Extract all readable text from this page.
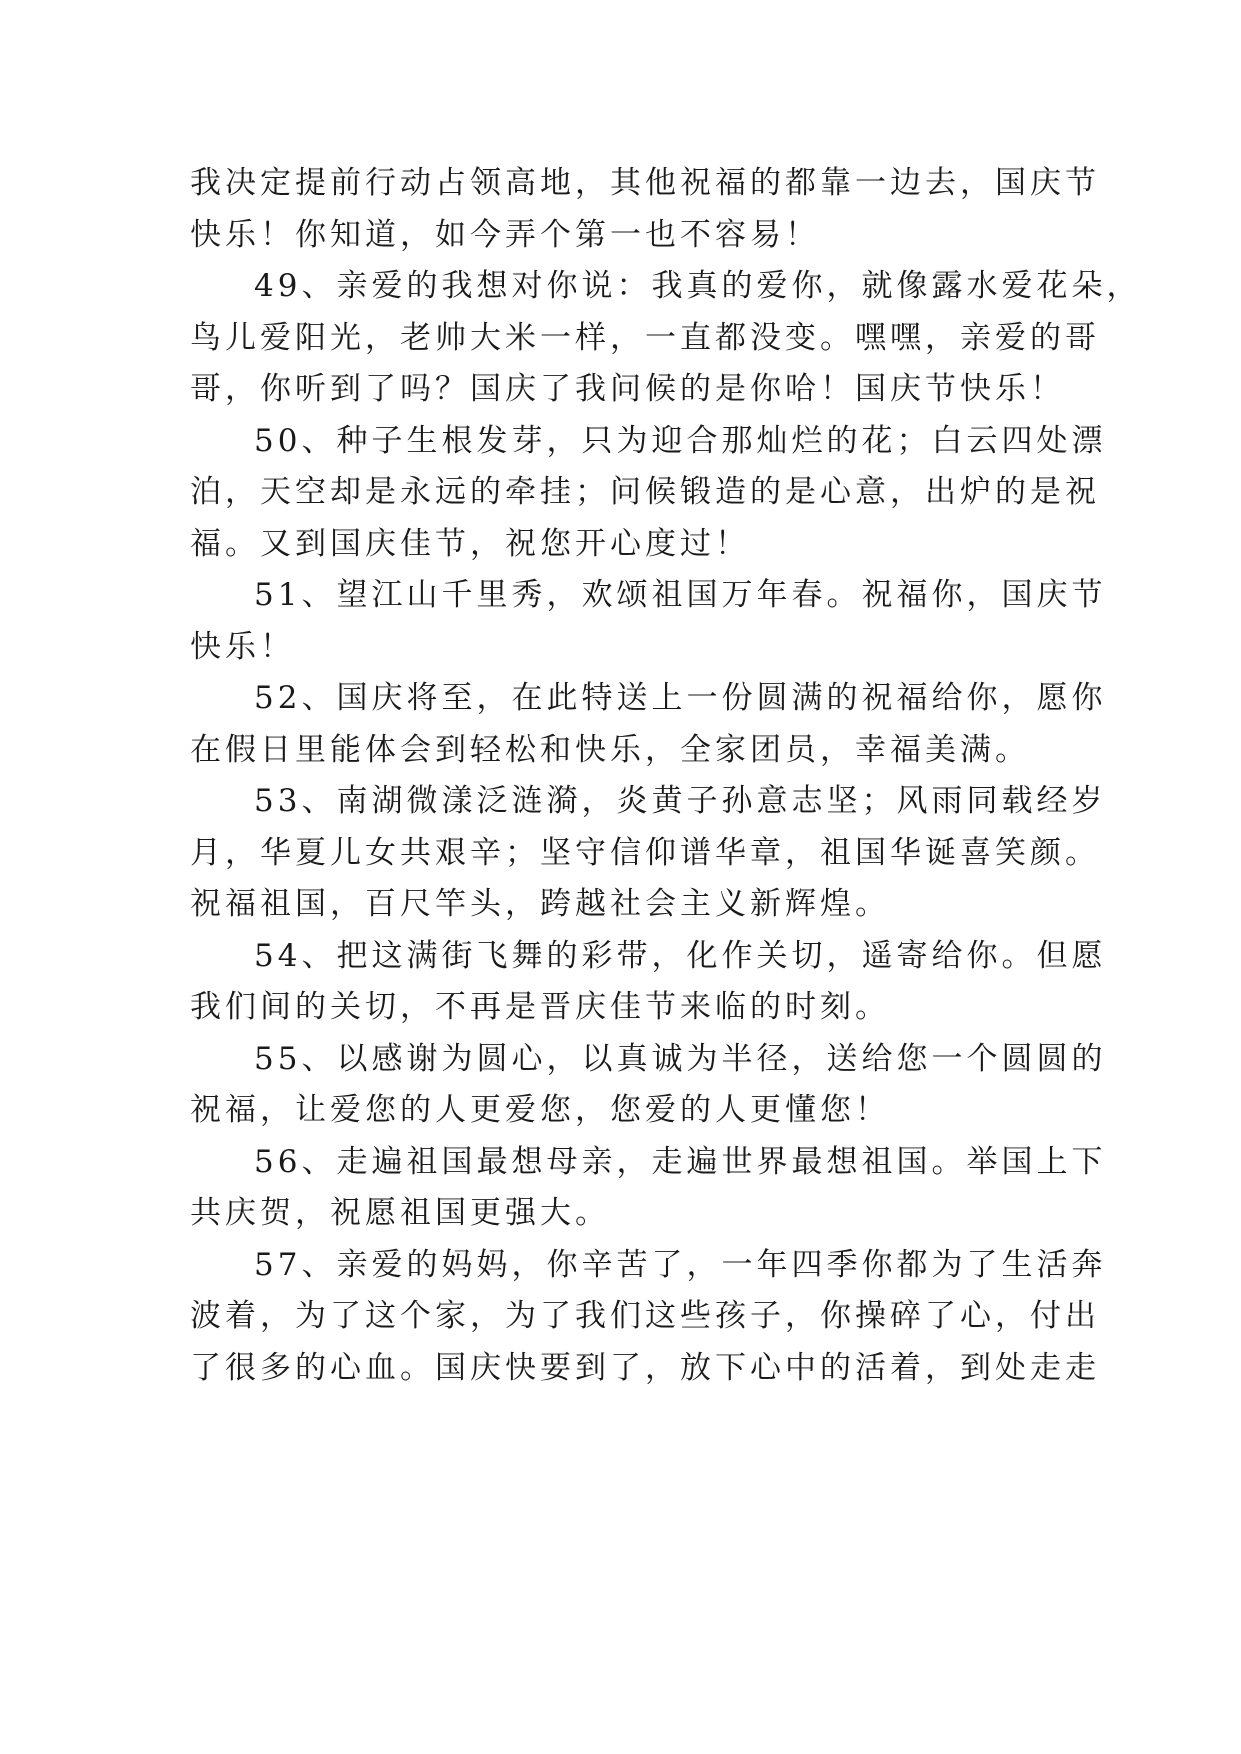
我决定提前行动占领高地，其他祝福的都靠一边去，国庆节
快乐！你知道，如今弄个第一也不容易！

49、亲爱的我想对你说：我真的爱你，就像露水爱花朵，
鸟儿爱阳光，老帅大米一样，一直都没变。嘿嘿，亲爱的哥
哥，你听到了吗？国庆了我问候的是你哈！国庆节快乐！

50、种子生根发芽，只为迎合那灿烂的花；白云四处漂
泊，天空却是永远的牵挂；问候锻造的是心意，出炉的是祝
福。又到国庆佳节，祝您开心度过！

51、望江山千里秀，欢颂祖国万年春。祝福你，国庆节
快乐！

52、国庆将至，在此特送上一份圆满的祝福给你，愿你
在假日里能体会到轻松和快乐，全家团员，幸福美满。

53、南湖微漾泛涟漪，炎黄子孙意志坚；风雨同载经岁
月，华夏儿女共艰辛；坚守信仰谱华章，祖国华诞喜笑颜。
祝福祖国，百尺竿头，跨越社会主义新辉煌。

54、把这满街飞舞的彩带，化作关切，遥寄给你。但愿
我们间的关切，不再是晋庆佳节来临的时刻。

55、以感谢为圆心，以真诚为半径，送给您一个圆圆的
祝福，让爱您的人更爱您，您爱的人更懂您！

56、走遍祖国最想母亲，走遍世界最想祖国。举国上下
共庆贺，祝愿祖国更强大。

57、亲爱的妈妈，你辛苦了，一年四季你都为了生活奔
波着，为了这个家，为了我们这些孩子，你操碎了心，付出
了很多的心血。国庆快要到了，放下心中的活着，到处走走
